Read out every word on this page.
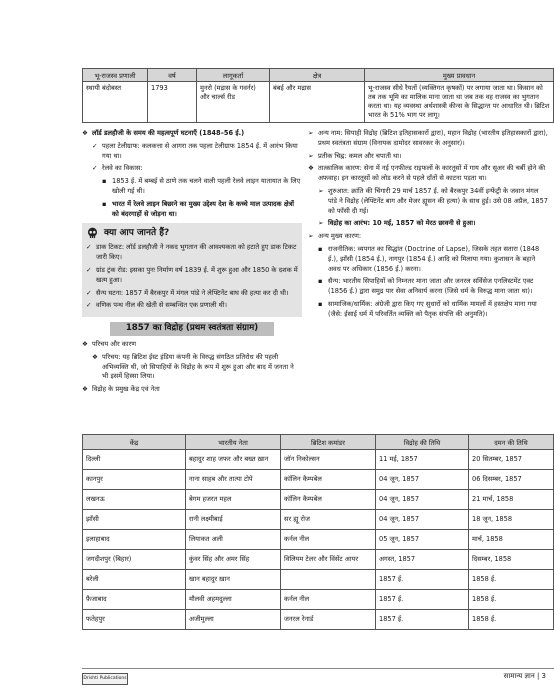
भू-राजस्व प्रणाली	वर्ष	लागूकर्ता	क्षेत्र	मुख्य प्रावधान
स्थायी बंदोबस्त	1793	मुनरो (मद्रास के गवर्नर) और चार्ल्स रीड	बंबई और मद्रास	भू-राजस्व सीधे रैयतों (व्यक्तिगत कृषकों) पर लगाया जाता था। किसान को तब तक भूमि का मालिक माना जाता था जब तक वह राजस्व का भुगतान करता था। यह व्यवस्था अर्थशास्त्री कीन्स के सिद्धान्त पर आधारित थी। ब्रिटिश भारत के 51% भाग पर लागू।
❖ लॉर्ड डलहौजी के समय की महत्वपूर्ण घटनाएँ (1848–56 ई.)
✓ पहला टेलीग्राफ: कलकत्ता से आगरा तक पहला टेलीग्राफ 1854 ई. में आरंभ किया गया था।
✓ रेलवे का विकास:
▪ 1853 ई. में बम्बई से ठाणे तक चलने वाली पहली रेलवे लाइन यातायात के लिए खोली गई थी।
▪ भारत में रेलवे लाइन बिछाने का मुख्य उद्देश्य देश के कच्चे माल उत्पादक क्षेत्रों को बंदरगाहों से जोड़ना था।
क्या आप जानते हैं?
✓ डाक टिकट: लॉर्ड डलहौजी ने नकद भुगतान की आवश्यकता को हटाते हुए डाक टिकट जारी किए।
✓ ग्रांड ट्रंक रोड: इसका पुनः निर्माण वर्ष 1839 ई. में शुरू हुआ और 1850 के दशक में खत्म हुआ।
✓ सैन्य घटना: 1857 में बैरकपुर में मंगल पांडे ने लेफ्टिनेंट बाघ की हत्या कर दी थी।
✓ वणिक पन्थ नील की खेती से सम्बन्धित एक प्रणाली थी।
1857 का विद्रोह (प्रथम स्वतंत्रता संग्राम)
❖ परिचय और कारण
❖ परिचय: यह ब्रिटिश ईस्ट इंडिया कंपनी के विरुद्ध संगठित प्रतिरोध की पहली अभिव्यक्ति थी, जो सिपाहियों के विद्रोह के रूप में शुरू हुआ और बाद में जनता ने भी इसमें हिस्सा लिया।
❖ विद्रोह के प्रमुख केंद्र एवं नेता
➢ अन्य नाम: सिपाही विद्रोह (ब्रिटिश इतिहासकारों द्वारा), महान विद्रोह (भारतीय इतिहासकारों द्वारा), प्रथम स्वतंत्रता संग्राम (विनायक दामोदर सावरकर के अनुसार)।
➢ प्रतीक चिह्न: कमल और चपाती था।
❖ तात्कालिक कारण: सेना में नई एनफील्ड राइफलों के कारतूसों में गाय और सूअर की चर्बी होने की अफवाह। इन कारतूसों को लोड करने से पहले दाँतों से काटना पड़ता था।
➢ शुरुआत: क्रांति की चिंगारी 29 मार्च 1857 ई. को बैरकपुर 34वीं इन्फेंट्री के जवान मंगल पांडे ने विद्रोह (लेफ्टिनेंट बाग और मेजर ह्यूसन की हत्या) के साथ हुई। उसे 08 अप्रैल, 1857 को फाँसी दी गई।
➢ विद्रोह का आरंभ: 10 मई, 1857 को मेरठ छावनी से हुआ।
➢ अन्य मुख्य कारण:
▪ राजनीतिक: व्यपगत का सिद्धांत (Doctrine of Lapse), जिसके तहत सतारा (1848 ई.), झाँसी (1854 ई.), नागपुर (1854 ई.) आदि को मिलाया गया। कुशासन के बहाने अवध पर अधिकार (1856 ई.) करना।
▪ सैन्य: भारतीय सिपाहियों को निम्नतर माना जाता और जनरल सर्विसेज एनलिस्टमेंट एक्ट (1856 ई.) द्वारा समुद्र पार सेवा अनिवार्य करना (जिसे धर्म के विरुद्ध माना जाता था)।
▪ सामाजिक/धार्मिक: अंग्रेजी द्वारा किए गए सुधारों को धार्मिक मामलों में हस्तक्षेप माना गया (जैसे: ईसाई धर्म में परिवर्तित व्यक्ति को पैतृक संपत्ति की अनुमति)।
केंद्र	भारतीय नेता	ब्रिटिश कमांडर	विद्रोह की तिथि	दमन की तिथि
दिल्ली	बहादुर शाह जफर और बख्त ख़ान	जॉन निकोल्सन	11 मई, 1857	20 सितम्बर, 1857
कानपुर	नाना साहब और तात्या टोपे	कॉलिन कैम्पबेल	04 जून, 1857	06 दिसम्बर, 1857
लखनऊ	बेगम हजरत महल	कॉलिन कैम्पबेल	04 जून, 1857	21 मार्च, 1858
झाँसी	रानी लक्ष्मीबाई	सर ह्यू रोज	04 जून, 1857	18 जून, 1858
इलाहाबाद	लियाकत अली	कर्नल नील	05 जून, 1857	मार्च, 1858
जगदीशपुर (बिहार)	कुंवर सिंह और अमर सिंह	विलियम टेलर और विंसेंट आयर	अगस्त, 1857	दिसम्बर, 1858
बरेली	खान बहादुर ख़ान		1857 ई.	1858 ई.
फ़ैजाबाद	मौलवी अहमदुल्ला	कर्नल नील	1857 ई.	1858 ई.
फतेहपुर	अजीमुल्ला	जनरल रेनार्ड	1857 ई.	1858 ई.
Drishti Publications	सामान्य ज्ञान | 3
